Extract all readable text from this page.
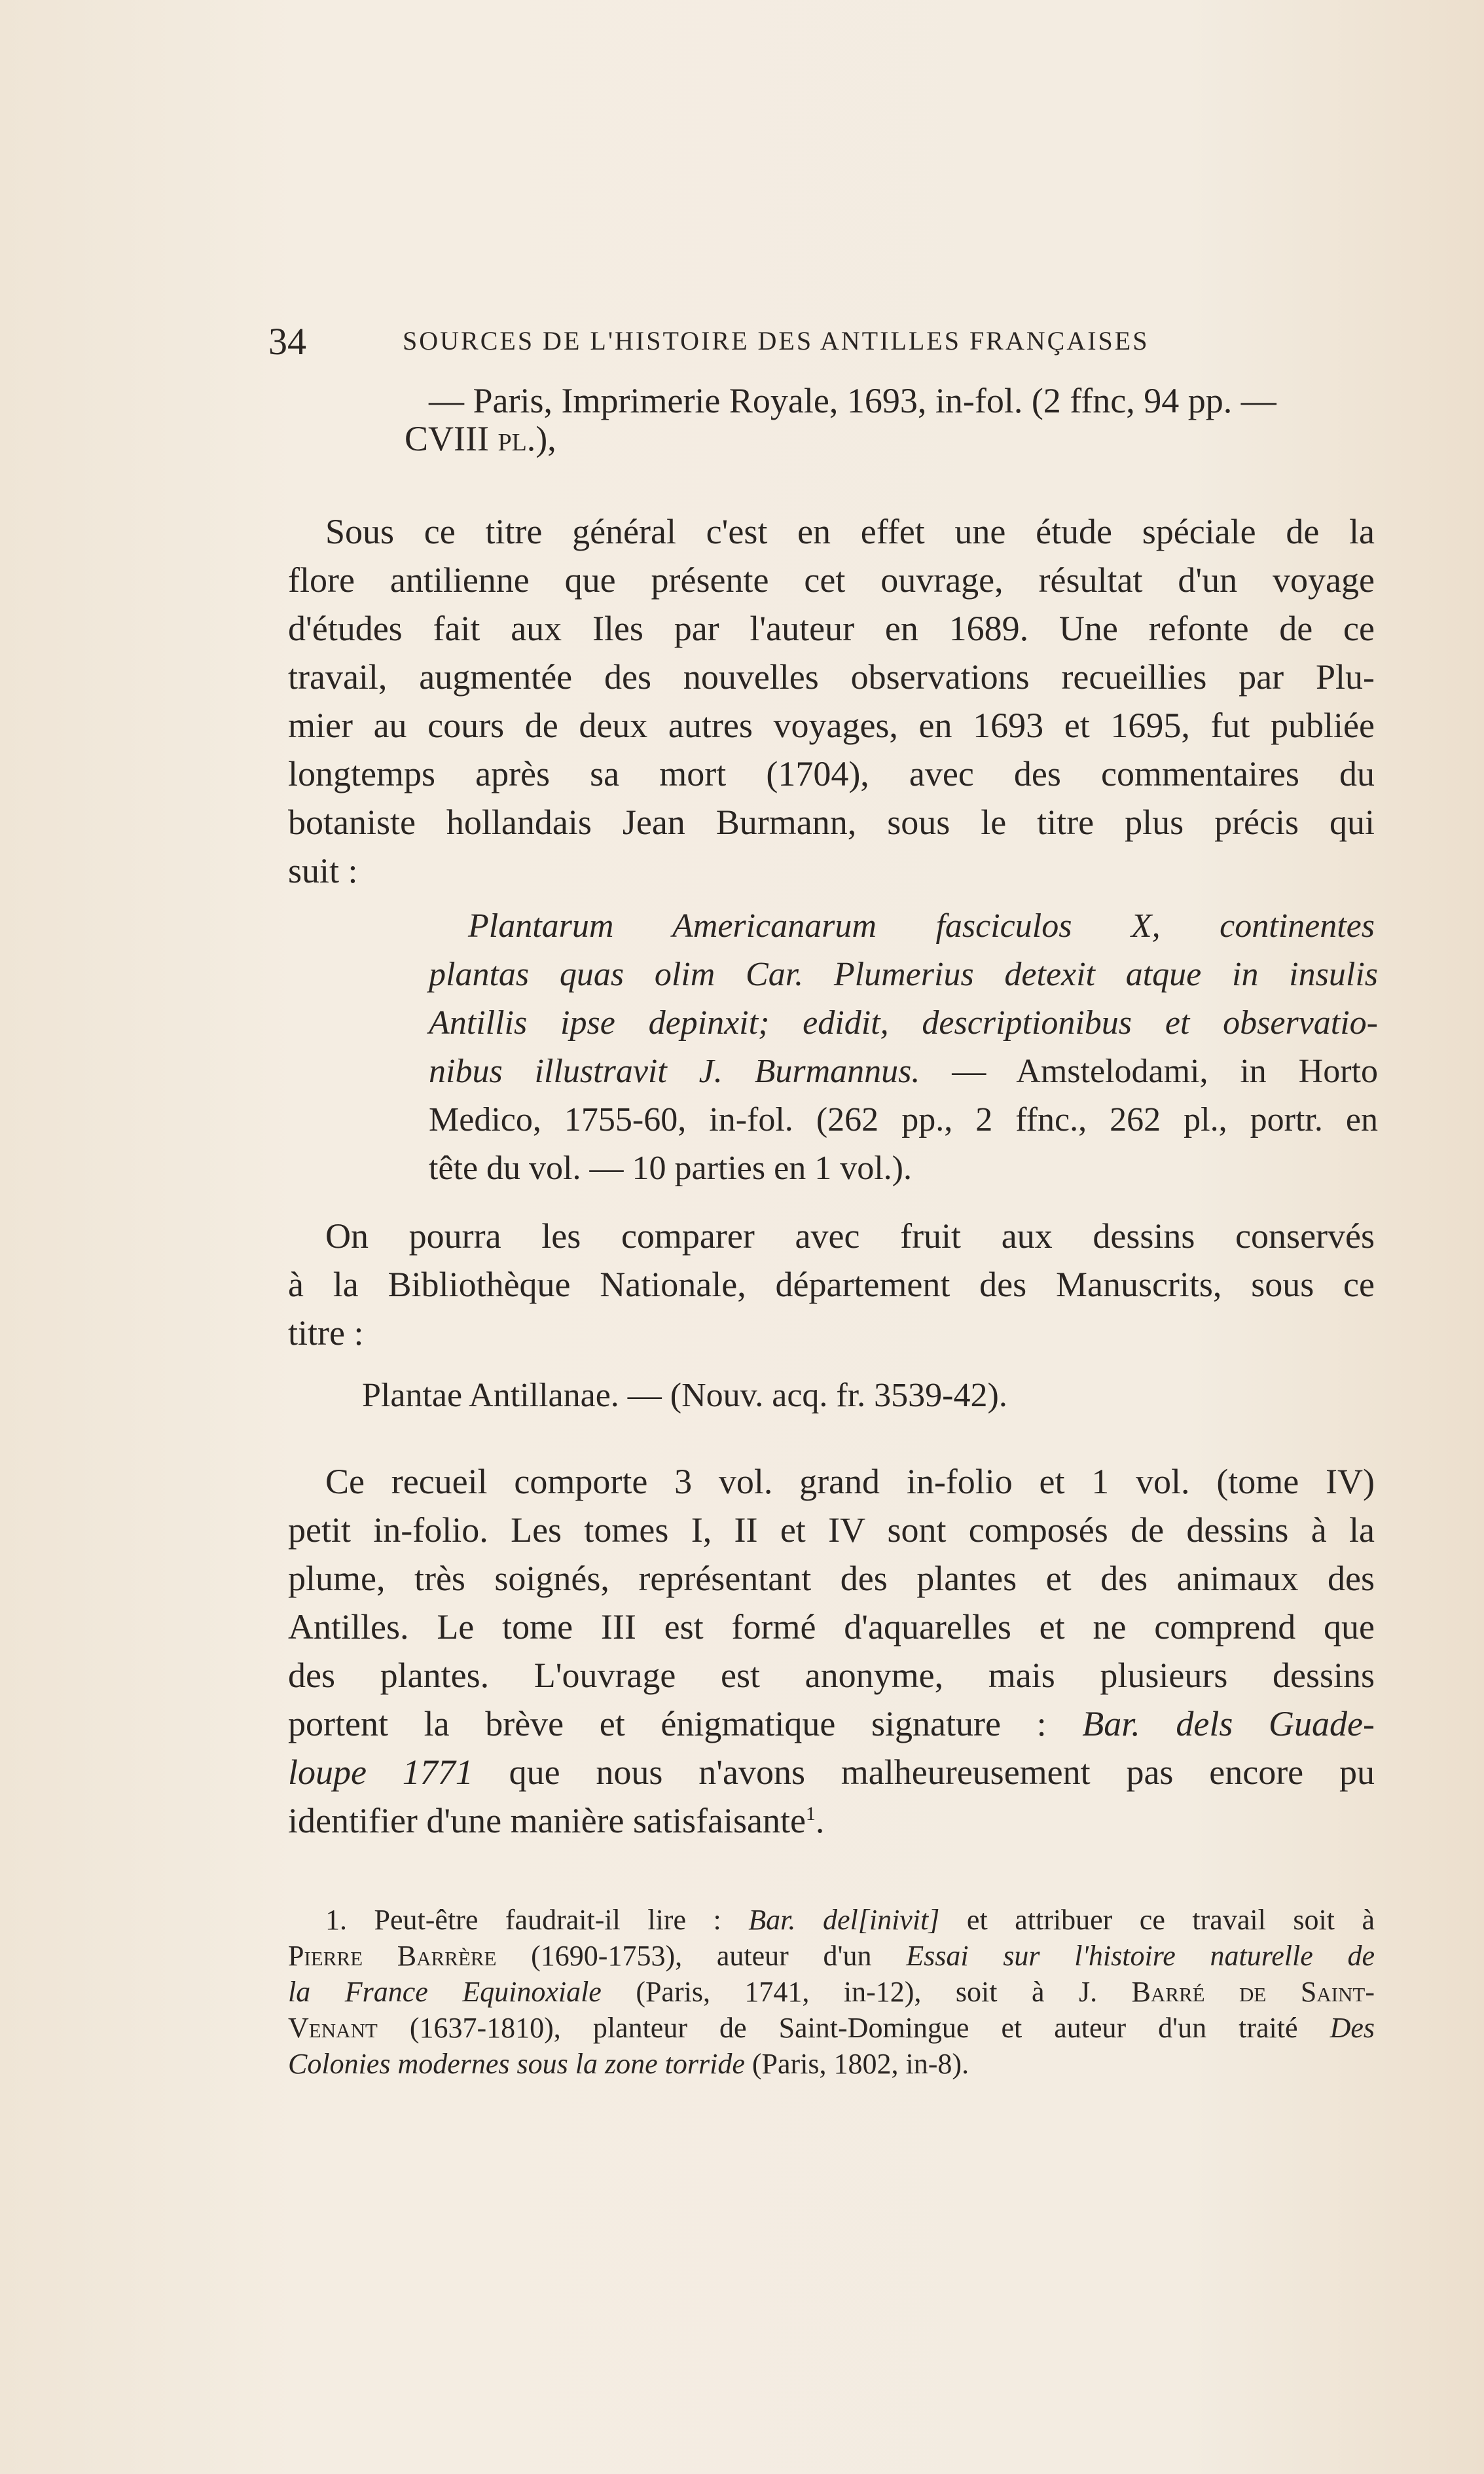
34	SOURCES DE L'HISTOIRE DES ANTILLES FRANÇAISES
— Paris, Imprimerie Royale, 1693, in-fol. (2 ffnc, 94 pp. —
CVIII pl.),
Sous ce titre général c'est en effet une étude spéciale de la
flore antilienne que présente cet ouvrage, résultat d'un voyage
d'études fait aux Iles par l'auteur en 1689. Une refonte de ce
travail, augmentée des nouvelles observations recueillies par Plu-
mier au cours de deux autres voyages, en 1693 et 1695, fut publiée
longtemps après sa mort (1704), avec des commentaires du
botaniste hollandais Jean Burmann, sous le titre plus précis qui
suit :
Plantarum Americanarum fasciculos X, continentes
plantas quas olim Car. Plumerius detexit atque in insulis
Antillis ipse depinxit; edidit, descriptionibus et observatio-
nibus illustravit J. Burmannus. — Amstelodami, in Horto
Medico, 1755-60, in-fol. (262 pp., 2 ffnc., 262 pl., portr. en
tête du vol. — 10 parties en 1 vol.).
On pourra les comparer avec fruit aux dessins conservés
à la Bibliothèque Nationale, département des Manuscrits, sous ce
titre :
Plantae Antillanae. — (Nouv. acq. fr. 3539-42).
Ce recueil comporte 3 vol. grand in-folio et 1 vol. (tome IV)
petit in-folio. Les tomes I, II et IV sont composés de dessins à la
plume, très soignés, représentant des plantes et des animaux des
Antilles. Le tome III est formé d'aquarelles et ne comprend que
des plantes. L'ouvrage est anonyme, mais plusieurs dessins
portent la brève et énigmatique signature : Bar. dels Guade-
loupe 1771 que nous n'avons malheureusement pas encore pu
identifier d'une manière satisfaisante$^1$.
1. Peut-être faudrait-il lire : Bar. del[inivit] et attribuer ce travail soit à
Pierre Barrère (1690-1753), auteur d'un Essai sur l'histoire naturelle de
la France Equinoxiale (Paris, 1741, in-12), soit à J. Barré de Saint-
Venant (1637-1810), planteur de Saint-Domingue et auteur d'un traité Des
Colonies modernes sous la zone torride (Paris, 1802, in-8).
